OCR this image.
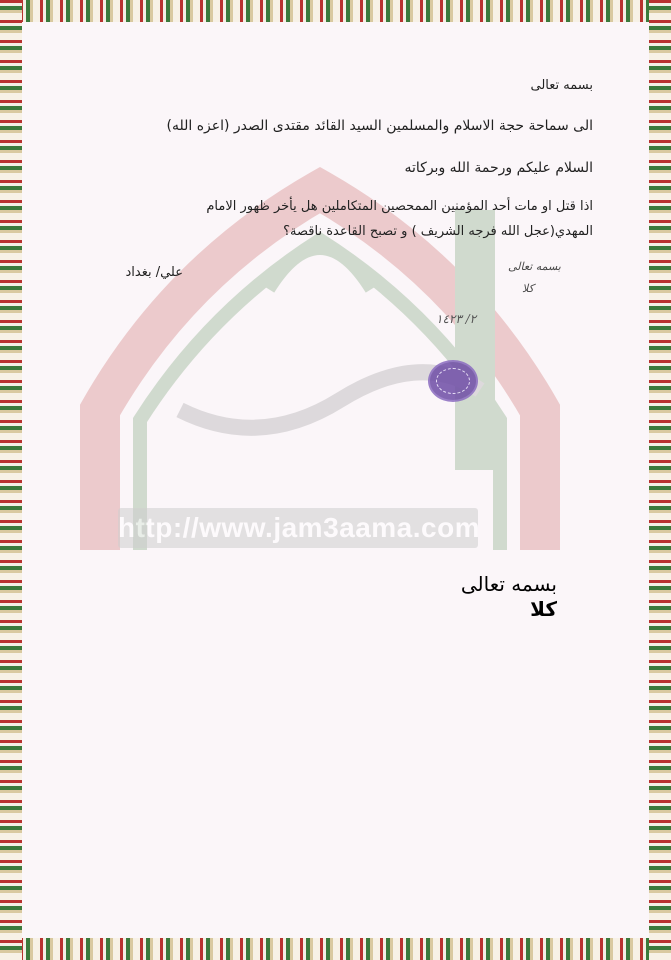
http://www.jam3aama.com
بسمه تعالى
الى سماحة حجة الاسلام والمسلمين السيد القائد مقتدى الصدر (اعزه الله)
السلام عليكم ورحمة الله وبركاته
اذا قتل او مات أحد المؤمنين الممحصين المتكاملين هل يأخر ظهور الامام
المهدي(عجل الله فرجه الشريف ) و تصبح القاعدة ناقصة؟
علي/ بغداد	بسمه تعالى
كلا
٢/ ١٤٢٣
بسمه تعالى
كلا
